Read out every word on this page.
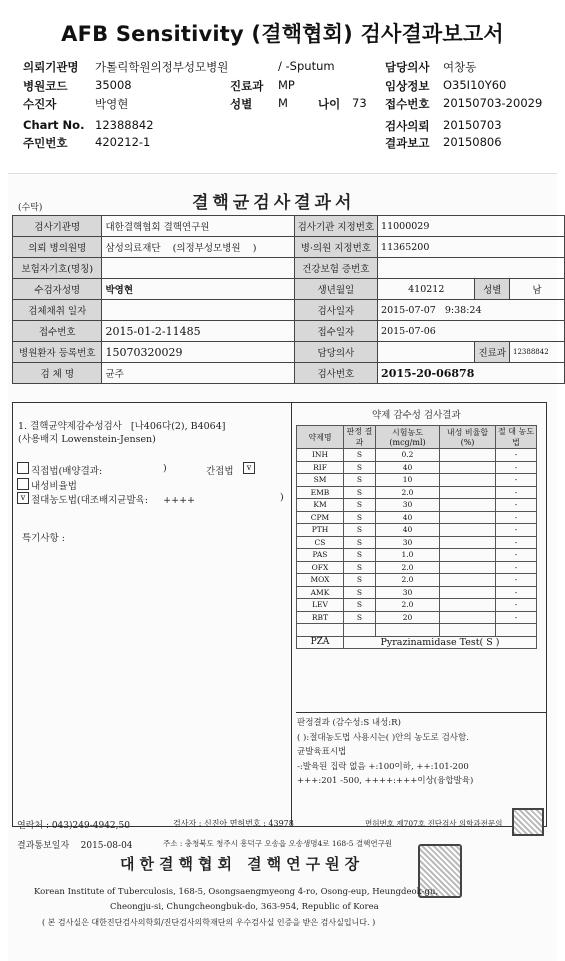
AFB Sensitivity (결핵협회) 검사결과보고서
의뢰기관명 가톨릭학원의정부성모병원	/ -Sputum	담당의사 여창동
병원코드 35008	진료과 MP	임상정보 O35I10Y60
수진자	박영현	성별 M	나이 73 접수번호 20150703-20029
Chart No. 12388842	검사의뢰 20150703
주민번호 420212-1	결과보고 20150806
(수탁)	결핵균검사결과서
검사기관명	대한결핵협회 결핵연구원	검사기관 지정번호	11000029		
의뢰 병의원명	삼성의료재단 (의정부성모병원 )	병·의원 지정번호	11365200		
보험자기호(명칭)		건강보험 증번호			
수검자성명	박영현	생년월일	410212	성별	남
검체채취 일자		검사일자	2015-07-07 9:38:24		
접수번호	2015-01-2-11485	접수일자	2015-07-06		
병원환자 등록번호	15070320029	담당의사		진료과	12388842
검 체 명	균주	검사번호	2015-20-06878		
약제 감수성 검사결과
1. 결핵균약제감수성검사 [나406다(2), B4064]
(사용배지 Lowenstein-Jensen)
직접법(배양결과:	)	간접법	v
내성비율법
v 절대농도법(대조배지균발육: ++++	)
특기사항 :
약제명	판정 결과	시험농도 (mcg/ml)	내성 비율합(%)	절 대 농도법
INH	S	0.2		-
RIF	S	40		-
SM	S	10		-
EMB	S	2.0		-
KM	S	30		-
CPM	S	40		-
PTH	S	40		-
CS	S	30		-
PAS	S	1.0		-
OFX	S	2.0		-
MOX	S	2.0		-
AMK	S	30		-
LEV	S	2.0		-
RBT	S	20		-

PZA	Pyrazinamidase Test( S )			
판정결과 (감수성:S 내성:R)
( ):절대농도법 사용시는( )안의 농도로 검사함.
균발육표시법
-:발육된 집락 없음 +:100이하, ++:101-200
+++:201 -500, ++++:+++이상(융합발육)
연락처 : 043)249-4942,50	검사자 : 신진아 면허번호 : 43978	면허번호 제707호 진단검사 의학과전문의
결과통보일자 2015-08-04	주소 : 충청북도 청주시 흥덕구 오송읍 오송생명4로 168-5 결핵연구원
대한결핵협회 결핵연구원장
Korean Institute of Tuberculosis, 168-5, Osongsaengmyeong 4-ro, Osong-eup, Heungdeok-gu,
Cheongju-si, Chungcheongbuk-do, 363-954, Republic of Korea
( 본 검사실은 대한진단검사의학회/진단검사의학재단의 우수검사실 인증을 받은 검사실입니다. )
